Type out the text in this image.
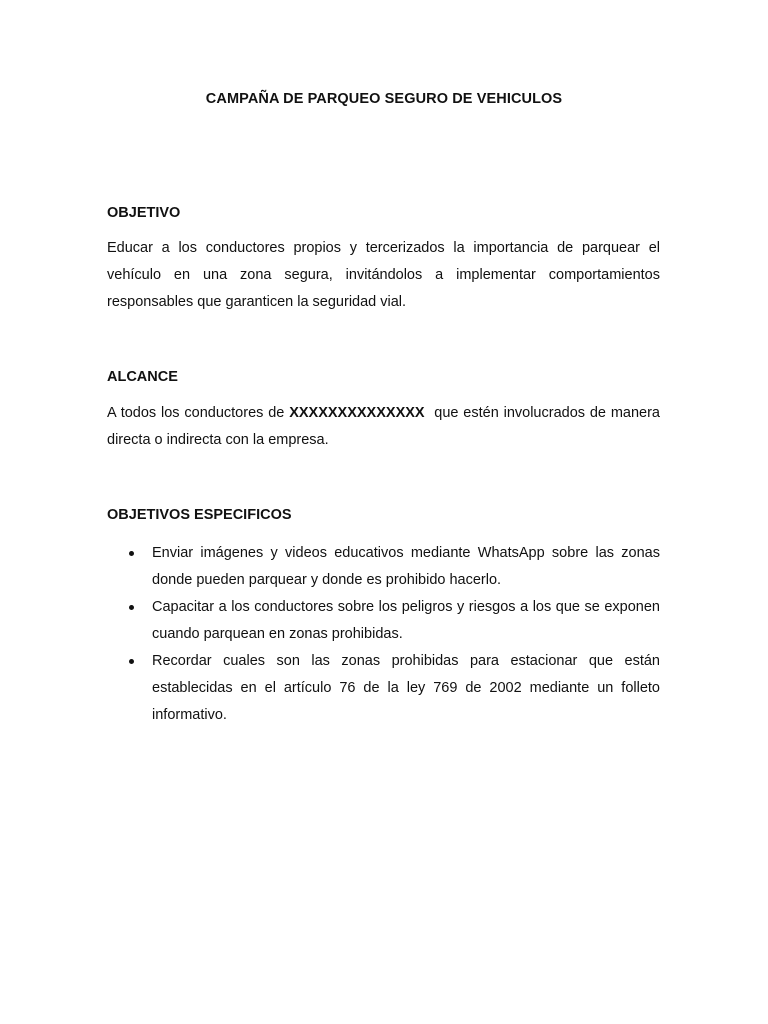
CAMPAÑA DE PARQUEO SEGURO DE VEHICULOS
OBJETIVO
Educar a los conductores propios y tercerizados la importancia de parquear el vehículo en una zona segura, invitándolos a implementar comportamientos responsables que garanticen la seguridad vial.
ALCANCE
A todos los conductores de XXXXXXXXXXXXXX  que estén involucrados de manera directa o indirecta con la empresa.
OBJETIVOS ESPECIFICOS
Enviar imágenes y videos educativos mediante WhatsApp sobre las zonas donde pueden parquear y donde es prohibido hacerlo.
Capacitar a los conductores sobre los peligros y riesgos a los que se exponen cuando parquean en zonas prohibidas.
Recordar cuales son las zonas prohibidas para estacionar que están establecidas en el artículo 76 de la ley 769 de 2002 mediante un folleto informativo.
